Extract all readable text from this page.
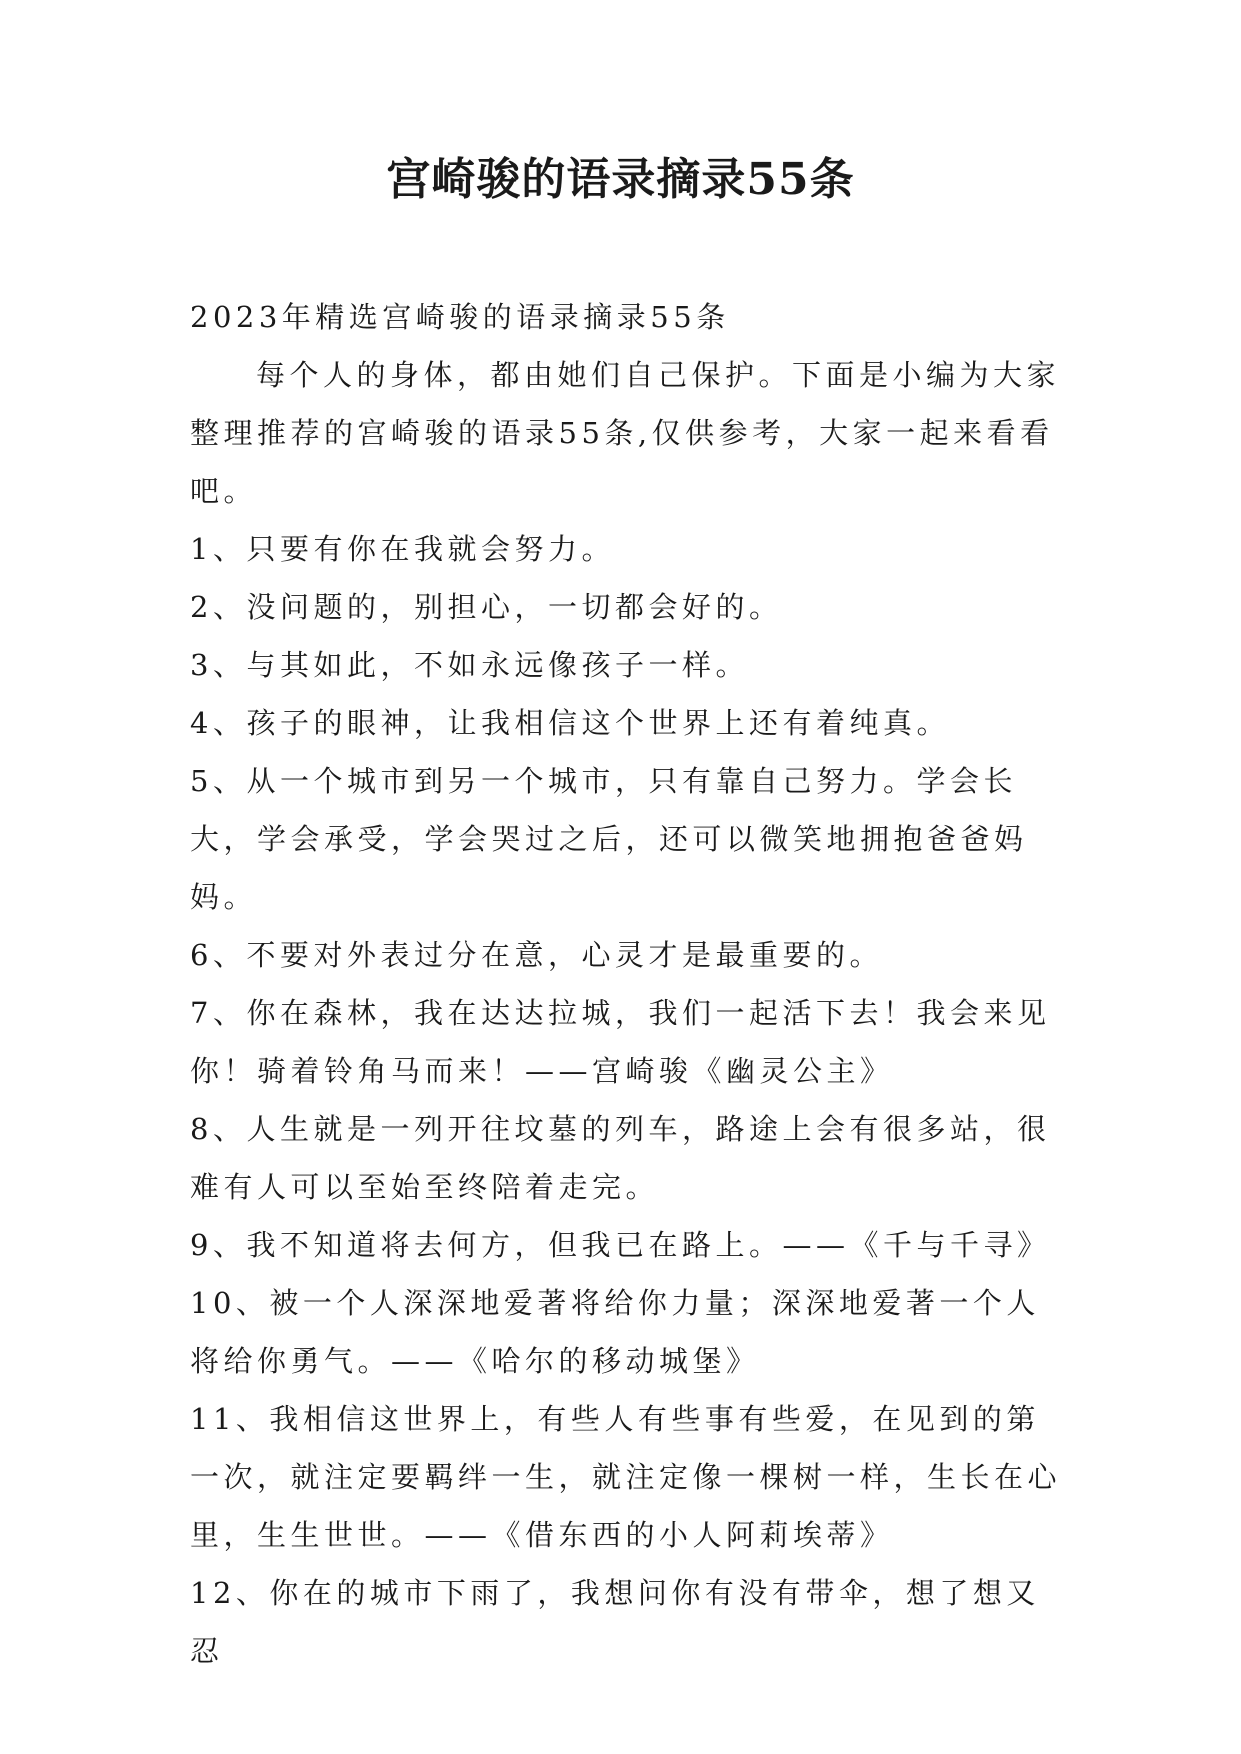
宫崎骏的语录摘录55条

2023年精选宫崎骏的语录摘录55条

每个人的身体，都由她们自己保护。下面是小编为大家整理推荐的宫崎骏的语录55条,仅供参考，大家一起来看看吧。

1、只要有你在我就会努力。

2、没问题的，别担心，一切都会好的。

3、与其如此，不如永远像孩子一样。

4、孩子的眼神，让我相信这个世界上还有着纯真。

5、从一个城市到另一个城市，只有靠自己努力。学会长大，学会承受，学会哭过之后，还可以微笑地拥抱爸爸妈妈。

6、不要对外表过分在意，心灵才是最重要的。

7、你在森林，我在达达拉城，我们一起活下去！我会来见你！骑着铃角马而来！——宫崎骏《幽灵公主》

8、人生就是一列开往坟墓的列车，路途上会有很多站，很难有人可以至始至终陪着走完。

9、我不知道将去何方，但我已在路上。——《千与千寻》

10、被一个人深深地爱著将给你力量；深深地爱著一个人将给你勇气。——《哈尔的移动城堡》

11、我相信这世界上，有些人有些事有些爱，在见到的第一次，就注定要羁绊一生，就注定像一棵树一样，生长在心里，生生世世。——《借东西的小人阿莉埃蒂》

12、你在的城市下雨了，我想问你有没有带伞，想了想又忍
